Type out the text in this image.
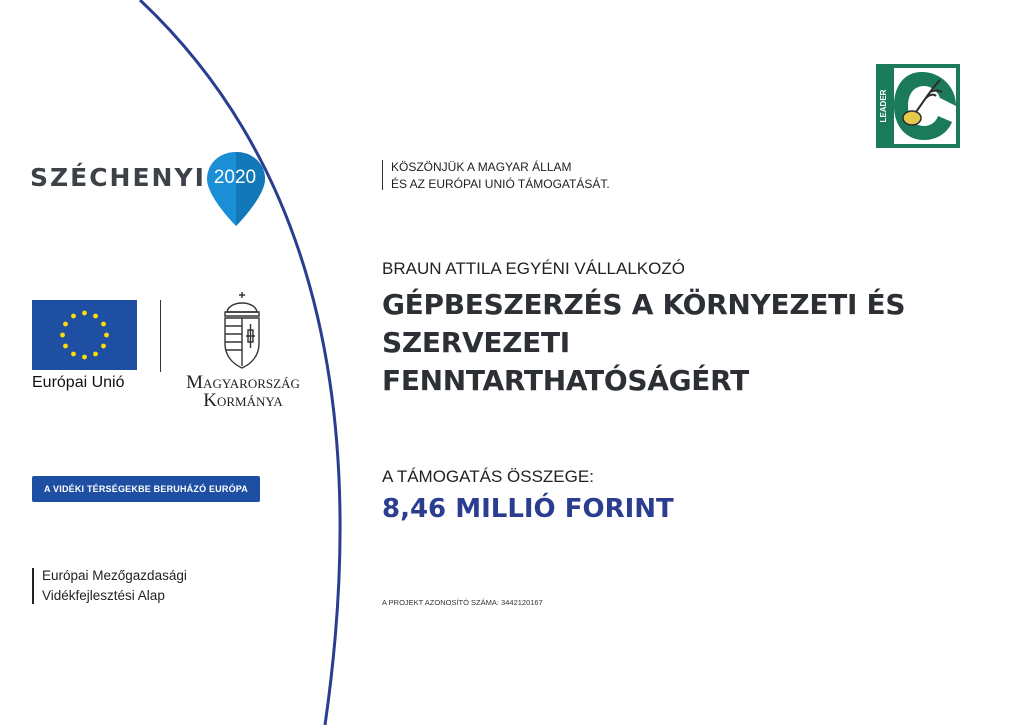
SZÉCHENYI 2020
Európai Unió	Magyarország
Kormánya
A VIDÉKI TÉRSÉGEKBE BERUHÁZÓ EURÓPA
Európai Mezőgazdasági
Vidékfejlesztési Alap
LEADER
KÖSZÖNJÜK A MAGYAR ÁLLAM
ÉS AZ EURÓPAI UNIÓ TÁMOGATÁSÁT.
BRAUN ATTILA EGYÉNI VÁLLALKOZÓ
GÉPBESZERZÉS A KÖRNYEZETI ÉS
SZERVEZETI
FENNTARTHATÓSÁGÉRT
A TÁMOGATÁS ÖSSZEGE:
8,46 MILLIÓ FORINT
A PROJEKT AZONOSÍTÓ SZÁMA: 3442120167
